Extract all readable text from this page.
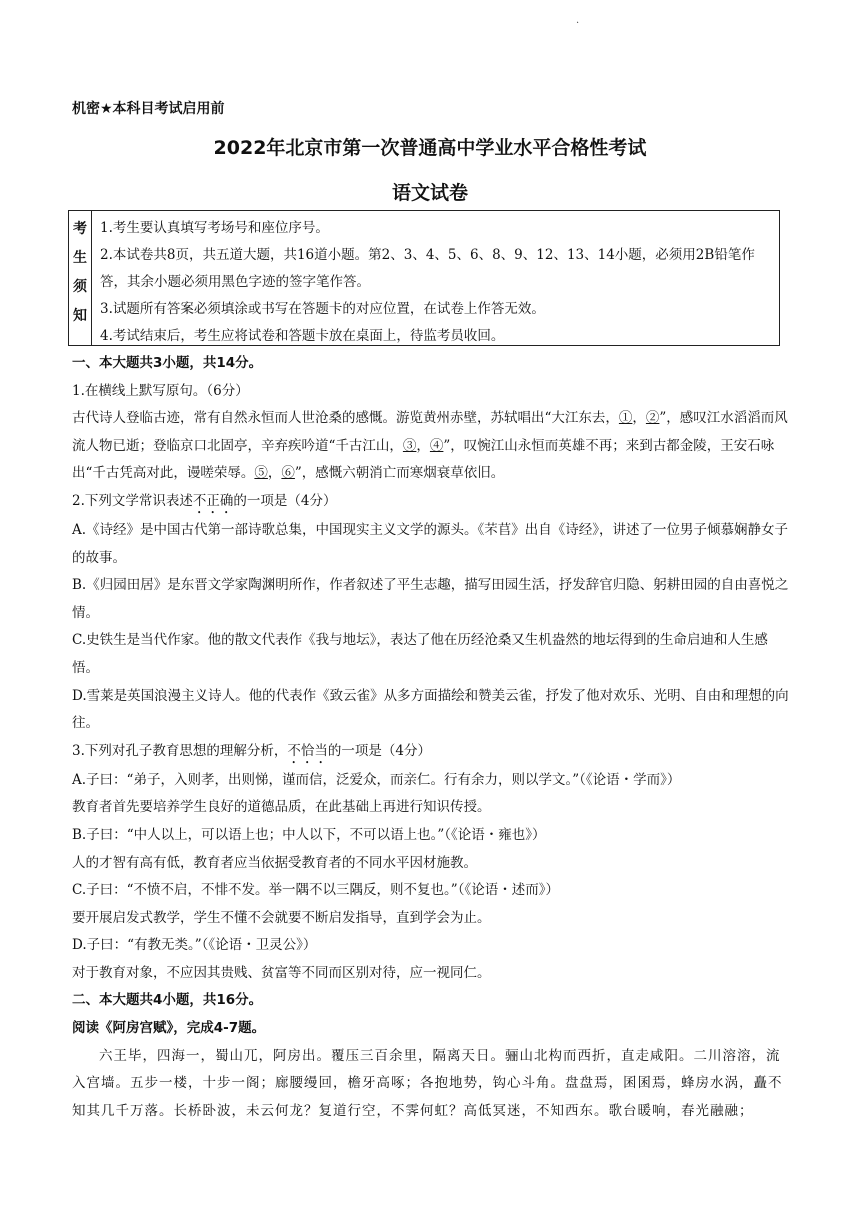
·
机密★本科目考试启用前
2022年北京市第一次普通高中学业水平合格性考试
语文试卷
考
生
须
知
1.考生要认真填写考场号和座位序号。
2.本试卷共8页，共五道大题，共16道小题。第2、3、4、5、6、8、9、12、13、14小题，必须用2B铅笔作答，其余小题必须用黑色字迹的签字笔作答。
3.试题所有答案必须填涂或书写在答题卡的对应位置，在试卷上作答无效。
4.考试结束后，考生应将试卷和答题卡放在桌面上，待监考员收回。

一、本大题共3小题，共14分。

1.在横线上默写原句。（6分）

古代诗人登临古迹，常有自然永恒而人世沧桑的感慨。游览黄州赤壁，苏轼唱出“大江东去，①，②”，感叹江水滔滔而风流人物已逝；登临京口北固亭，辛弃疾吟道“千古江山，③，④”，叹惋江山永恒而英雄不再；来到古都金陵，王安石咏出“千古凭高对此，谩嗟荣辱。⑤，⑥”，感慨六朝消亡而寒烟衰草依旧。

2.下列文学常识表述不正确的一项是（4分）

A.《诗经》是中国古代第一部诗歌总集，中国现实主义文学的源头。《芣苢》出自《诗经》，讲述了一位男子倾慕娴静女子的故事。

B.《归园田居》是东晋文学家陶渊明所作，作者叙述了平生志趣，描写田园生活，抒发辞官归隐、躬耕田园的自由喜悦之情。

C.史铁生是当代作家。他的散文代表作《我与地坛》，表达了他在历经沧桑又生机盎然的地坛得到的生命启迪和人生感悟。

D.雪莱是英国浪漫主义诗人。他的代表作《致云雀》从多方面描绘和赞美云雀，抒发了他对欢乐、光明、自由和理想的向往。

3.下列对孔子教育思想的理解分析，不恰当的一项是（4分）

A.子曰：“弟子，入则孝，出则悌，谨而信，泛爱众，而亲仁。行有余力，则以学文。”（《论语・学而》）

教育者首先要培养学生良好的道德品质，在此基础上再进行知识传授。

B.子曰：“中人以上，可以语上也；中人以下，不可以语上也。”（《论语・雍也》）

人的才智有高有低，教育者应当依据受教育者的不同水平因材施教。

C.子曰：“不愤不启，不悱不发。举一隅不以三隅反，则不复也。”（《论语・述而》）

要开展启发式教学，学生不懂不会就要不断启发指导，直到学会为止。

D.子曰：“有教无类。”（《论语・卫灵公》）

对于教育对象，不应因其贵贱、贫富等不同而区别对待，应一视同仁。

二、本大题共4小题，共16分。

阅读《阿房宫赋》，完成4-7题。

六王毕，四海一，蜀山兀，阿房出。覆压三百余里，隔离天日。骊山北构而西折，直走咸阳。二川溶溶，流入宫墙。五步一楼，十步一阁；廊腰缦回，檐牙高啄；各抱地势，钩心斗角。盘盘焉，囷囷焉，蜂房水涡，矗不知其几千万落。长桥卧波，未云何龙？复道行空，不霁何虹？高低冥迷，不知西东。歌台暖响，春光融融；
